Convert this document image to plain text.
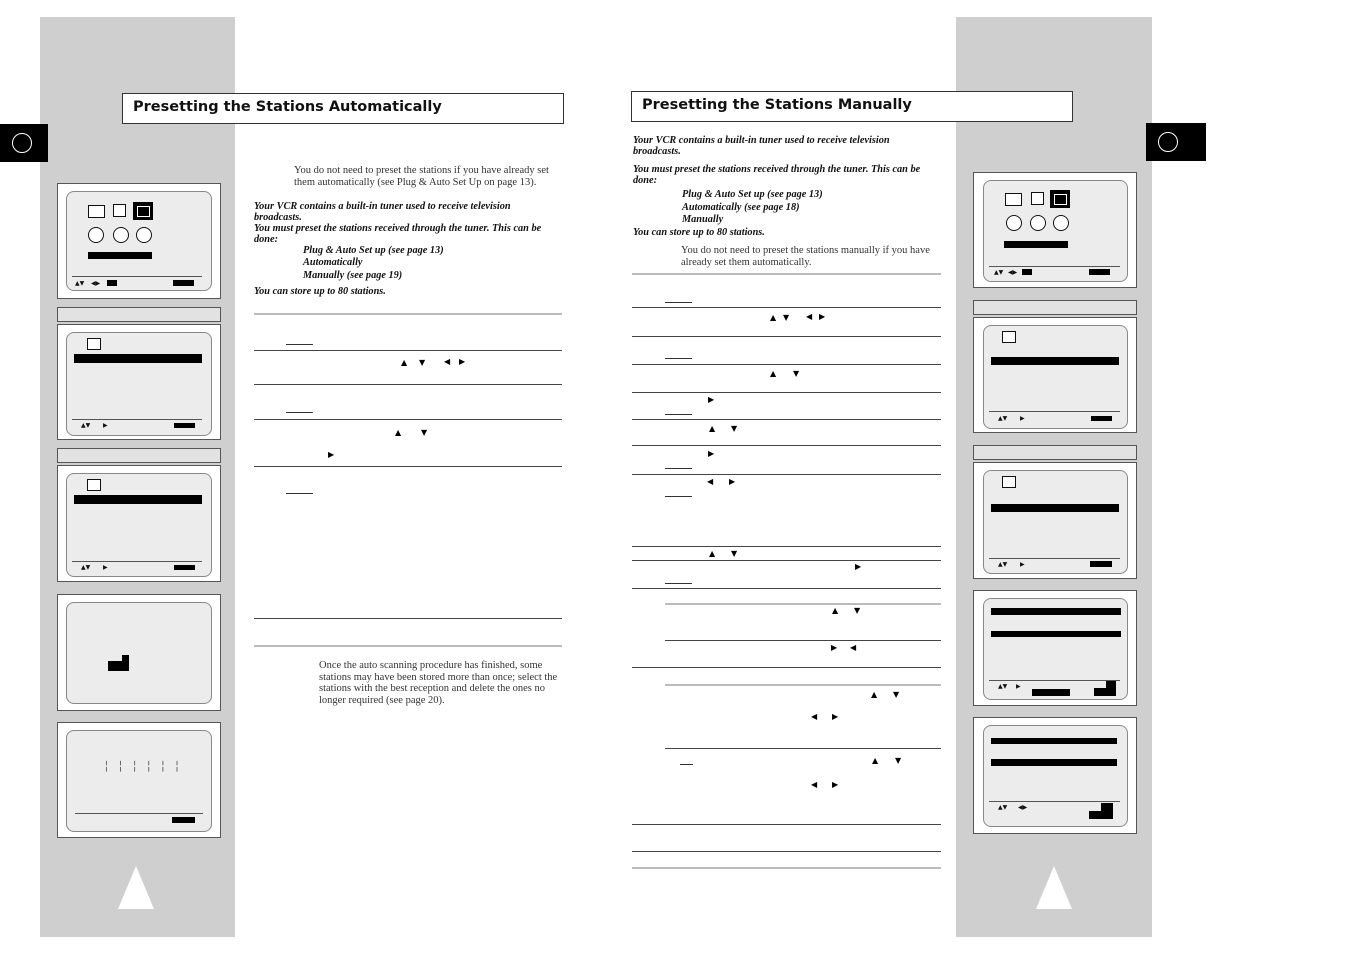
Presetting the Stations Automatically
▲▼ ◀▶
▲▼ ▶
▲▼ ▶
╎ ╎ ╎ ╎ ╎ ╎
You do not need to preset the stations if you have already set them automatically (see Plug & Auto Set Up on page 13).
Your VCR contains a built-in tuner used to receive television broadcasts.
You must preset the stations received through the tuner. This can be done:
Plug & Auto Set up (see page 13)
Automatically
Manually (see page 19)
You can store up to 80 stations.
▲ ▼ ◀ ▶
▲ ▼
▶
Once the auto scanning procedure has finished, some stations may have been stored more than once; select the stations with the best reception and delete the ones no longer required (see page 20).
Presetting the Stations Manually
Your VCR contains a built-in tuner used to receive television broadcasts.
You must preset the stations received through the tuner. This can be done:
Plug & Auto Set up (see page 13)
Automatically (see page 18)
Manually
You can store up to 80 stations.
You do not need to preset the stations manually if you have already set them automatically.
▲ ▼ ◀ ▶
▲ ▼
▶
▲ ▼
▶
◀ ▶
▲ ▼
▶
▲ ▼
▶ ◀
▲ ▼
◀ ▶
▲ ▼
◀ ▶
▲▼ ◀▶
▲▼ ▶
▲▼ ▶
▲▼ ▶
▲▼ ◀▶
